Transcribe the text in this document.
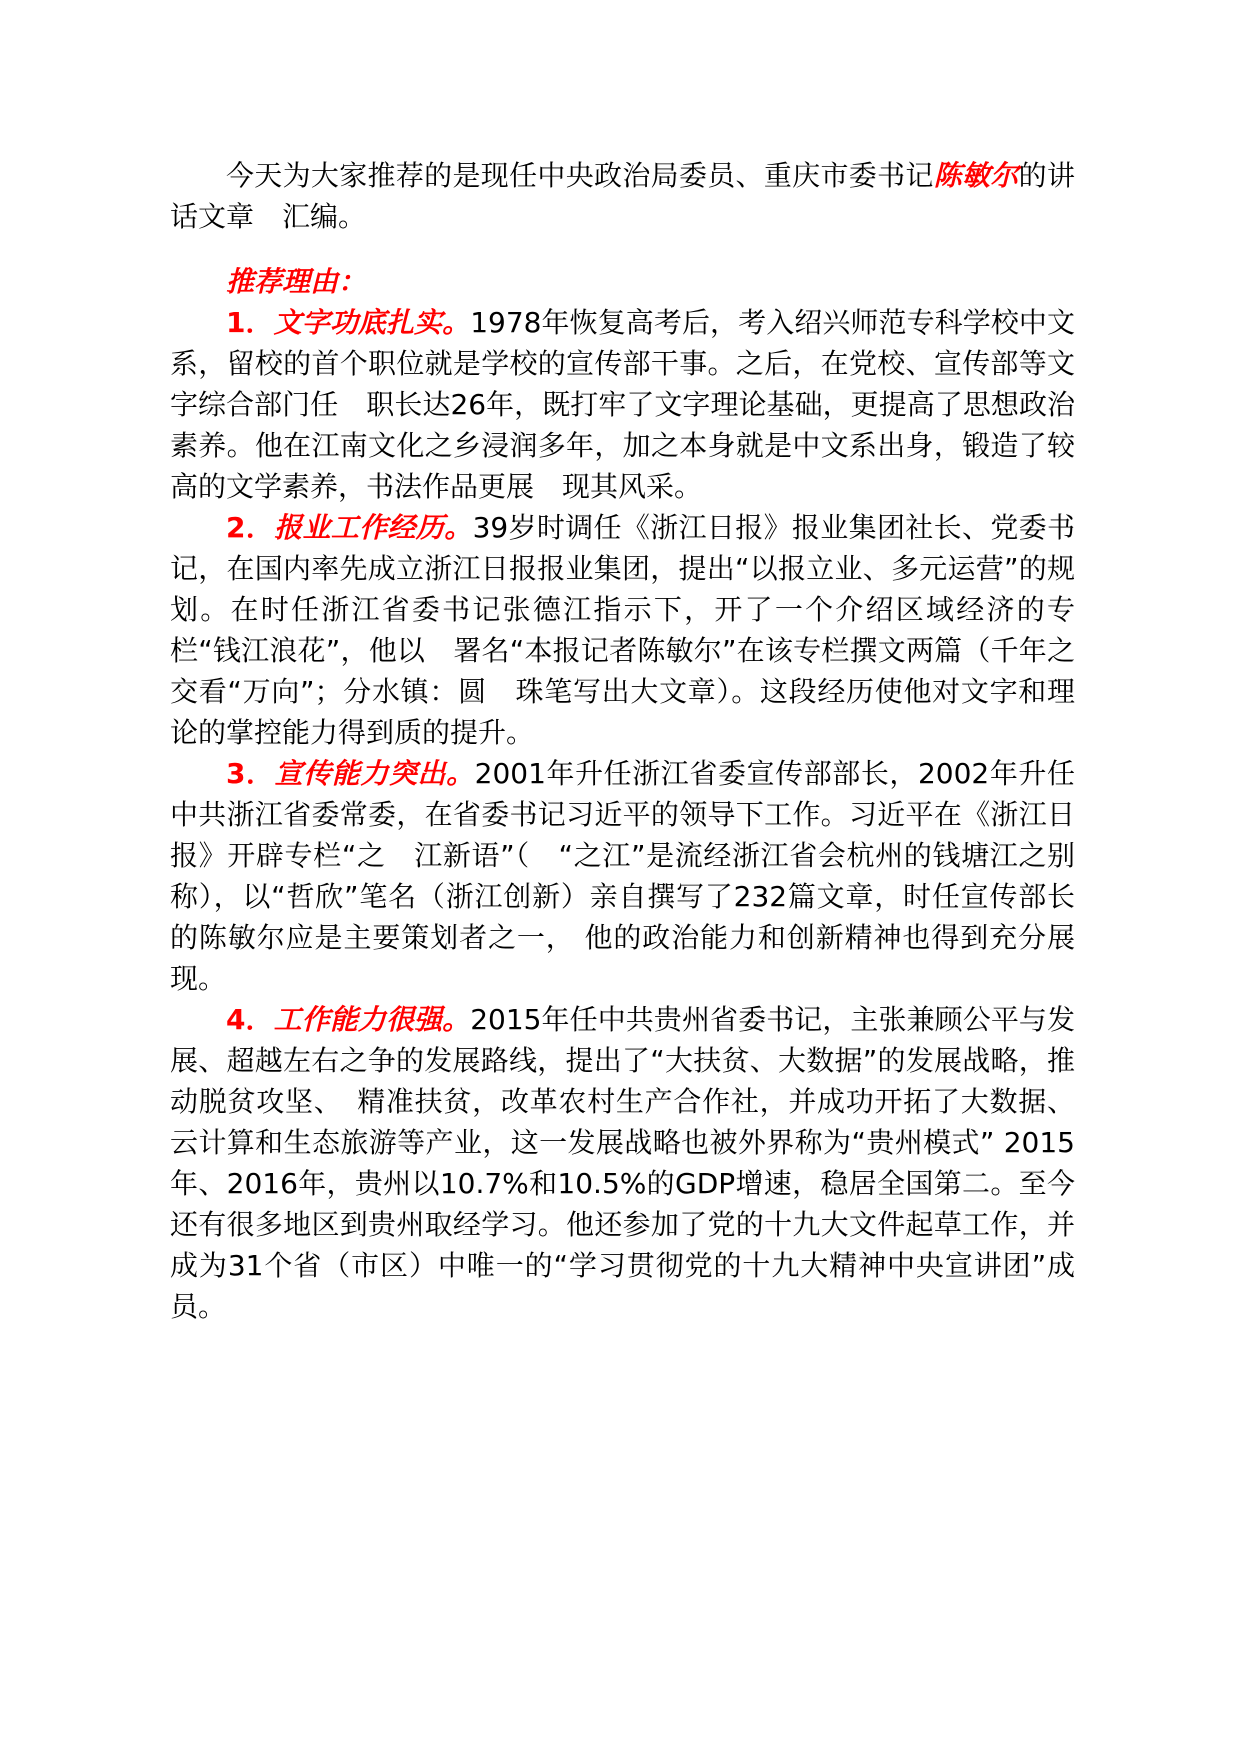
今天为大家推荐的是现任中央政治局委员、重庆市委书记陈敏尔的讲话文章　汇编。

推荐理由：

1．文字功底扎实。1978年恢复高考后，考入绍兴师范专科学校中文系，留校的首个职位就是学校的宣传部干事。之后，在党校、宣传部等文字综合部门任　职长达26年，既打牢了文字理论基础，更提高了思想政治素养。他在江南文化之乡浸润多年，加之本身就是中文系出身，锻造了较高的文学素养，书法作品更展　现其风采。

2．报业工作经历。39岁时调任《浙江日报》报业集团社长、党委书记，在国内率先成立浙江日报报业集团，提出“以报立业、多元运营”的规划。在时任浙江省委书记张德江指示下，开了一个介绍区域经济的专栏“钱江浪花”，他以　署名“本报记者陈敏尔”在该专栏撰文两篇（千年之交看“万向”；分水镇：圆　珠笔写出大文章）。这段经历使他对文字和理论的掌控能力得到质的提升。

3．宣传能力突出。2001年升任浙江省委宣传部部长，2002年升任中共浙江省委常委，在省委书记习近平的领导下工作。习近平在《浙江日报》开辟专栏“之　江新语”（　“之江”是流经浙江省会杭州的钱塘江之别称），以“哲欣”笔名（浙江创新）亲自撰写了232篇文章，时任宣传部长的陈敏尔应是主要策划者之一， 他的政治能力和创新精神也得到充分展现。

4．工作能力很强。2015年任中共贵州省委书记，主张兼顾公平与发展、超越左右之争的发展路线，提出了“大扶贫、大数据”的发展战略，推动脱贫攻坚、　精准扶贫，改革农村生产合作社，并成功开拓了大数据、云计算和生态旅游等产业，这一发展战略也被外界称为“贵州模式” 2015年、2016年，贵州以10.7%和10.5%的GDP增速，稳居全国第二。至今还有很多地区到贵州取经学习。他还参加了党的十九大文件起草工作，并成为31个省（市区）中唯一的“学习贯彻党的十九大精神中央宣讲团”成员。
